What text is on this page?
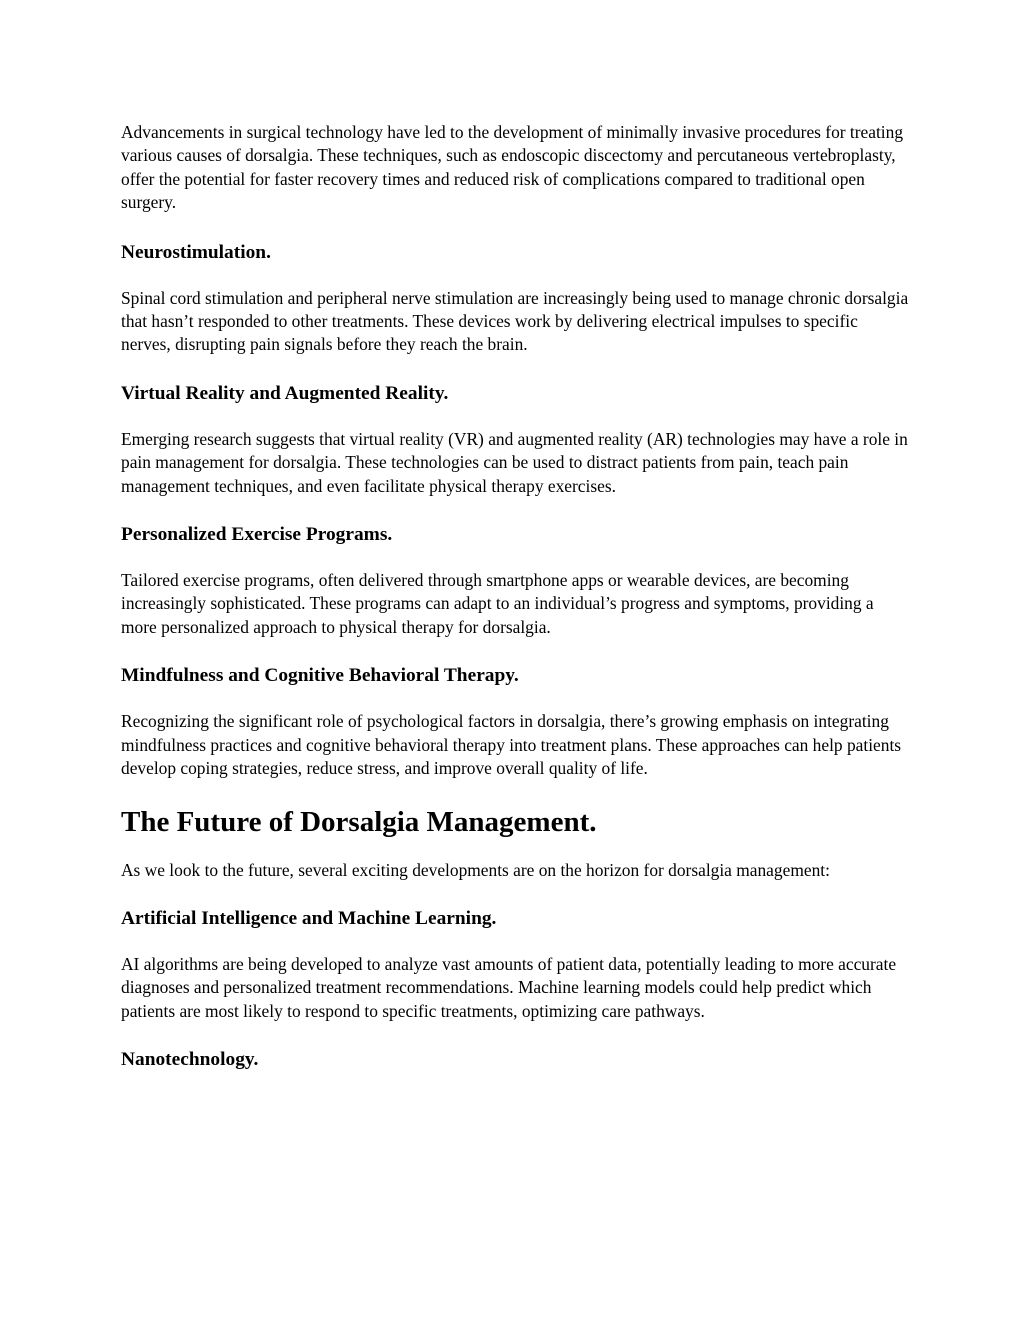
Advancements in surgical technology have led to the development of minimally invasive procedures for treating various causes of dorsalgia. These techniques, such as endoscopic discectomy and percutaneous vertebroplasty, offer the potential for faster recovery times and reduced risk of complications compared to traditional open surgery.

Neurostimulation.

Spinal cord stimulation and peripheral nerve stimulation are increasingly being used to manage chronic dorsalgia that hasn’t responded to other treatments. These devices work by delivering electrical impulses to specific nerves, disrupting pain signals before they reach the brain.

Virtual Reality and Augmented Reality.

Emerging research suggests that virtual reality (VR) and augmented reality (AR) technologies may have a role in pain management for dorsalgia. These technologies can be used to distract patients from pain, teach pain management techniques, and even facilitate physical therapy exercises.

Personalized Exercise Programs.

Tailored exercise programs, often delivered through smartphone apps or wearable devices, are becoming increasingly sophisticated. These programs can adapt to an individual’s progress and symptoms, providing a more personalized approach to physical therapy for dorsalgia.

Mindfulness and Cognitive Behavioral Therapy.

Recognizing the significant role of psychological factors in dorsalgia, there’s growing emphasis on integrating mindfulness practices and cognitive behavioral therapy into treatment plans. These approaches can help patients develop coping strategies, reduce stress, and improve overall quality of life.

The Future of Dorsalgia Management.

As we look to the future, several exciting developments are on the horizon for dorsalgia management:

Artificial Intelligence and Machine Learning.

AI algorithms are being developed to analyze vast amounts of patient data, potentially leading to more accurate diagnoses and personalized treatment recommendations. Machine learning models could help predict which patients are most likely to respond to specific treatments, optimizing care pathways.

Nanotechnology.
